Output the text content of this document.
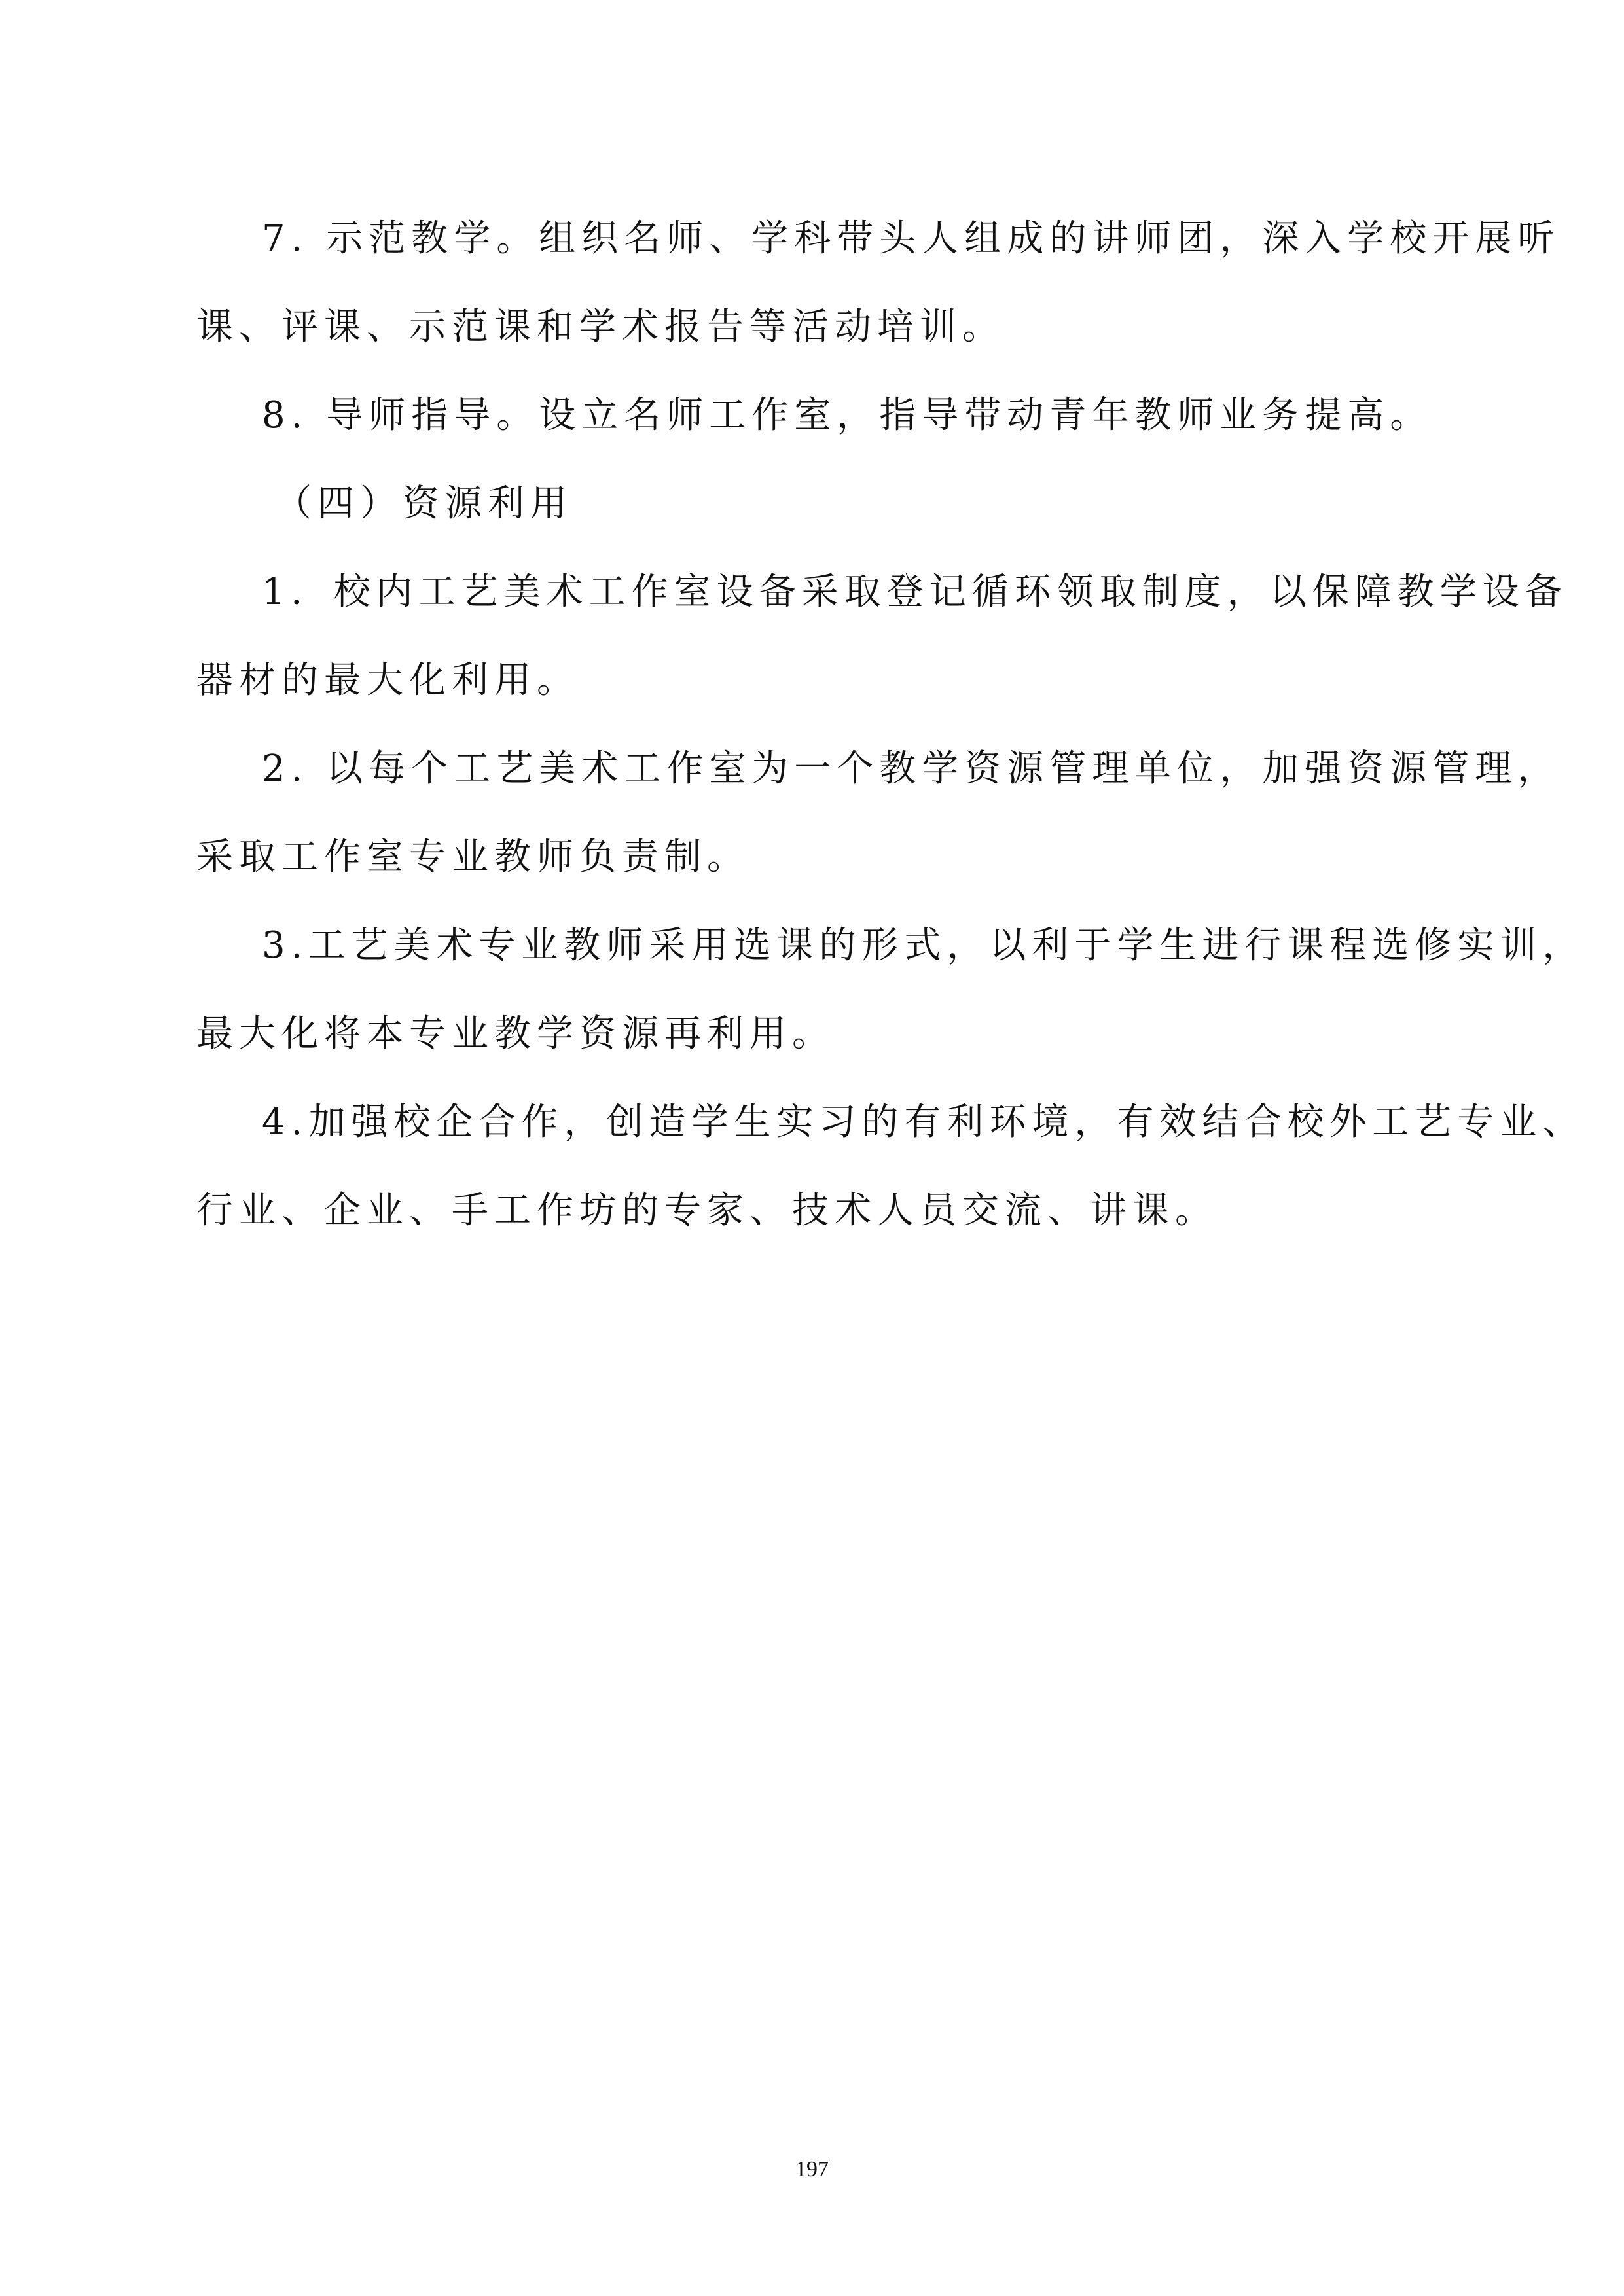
7. 示范教学。组织名师、学科带头人组成的讲师团，深入学校开展听
课、评课、示范课和学术报告等活动培训。
8. 导师指导。设立名师工作室，指导带动青年教师业务提高。
（四）资源利用
1．校内工艺美术工作室设备采取登记循环领取制度，以保障教学设备
器材的最大化利用。
2. 以每个工艺美术工作室为一个教学资源管理单位，加强资源管理，
采取工作室专业教师负责制。
3.工艺美术专业教师采用选课的形式，以利于学生进行课程选修实训，
最大化将本专业教学资源再利用。
4.加强校企合作，创造学生实习的有利环境，有效结合校外工艺专业、
行业、企业、手工作坊的专家、技术人员交流、讲课。
197
